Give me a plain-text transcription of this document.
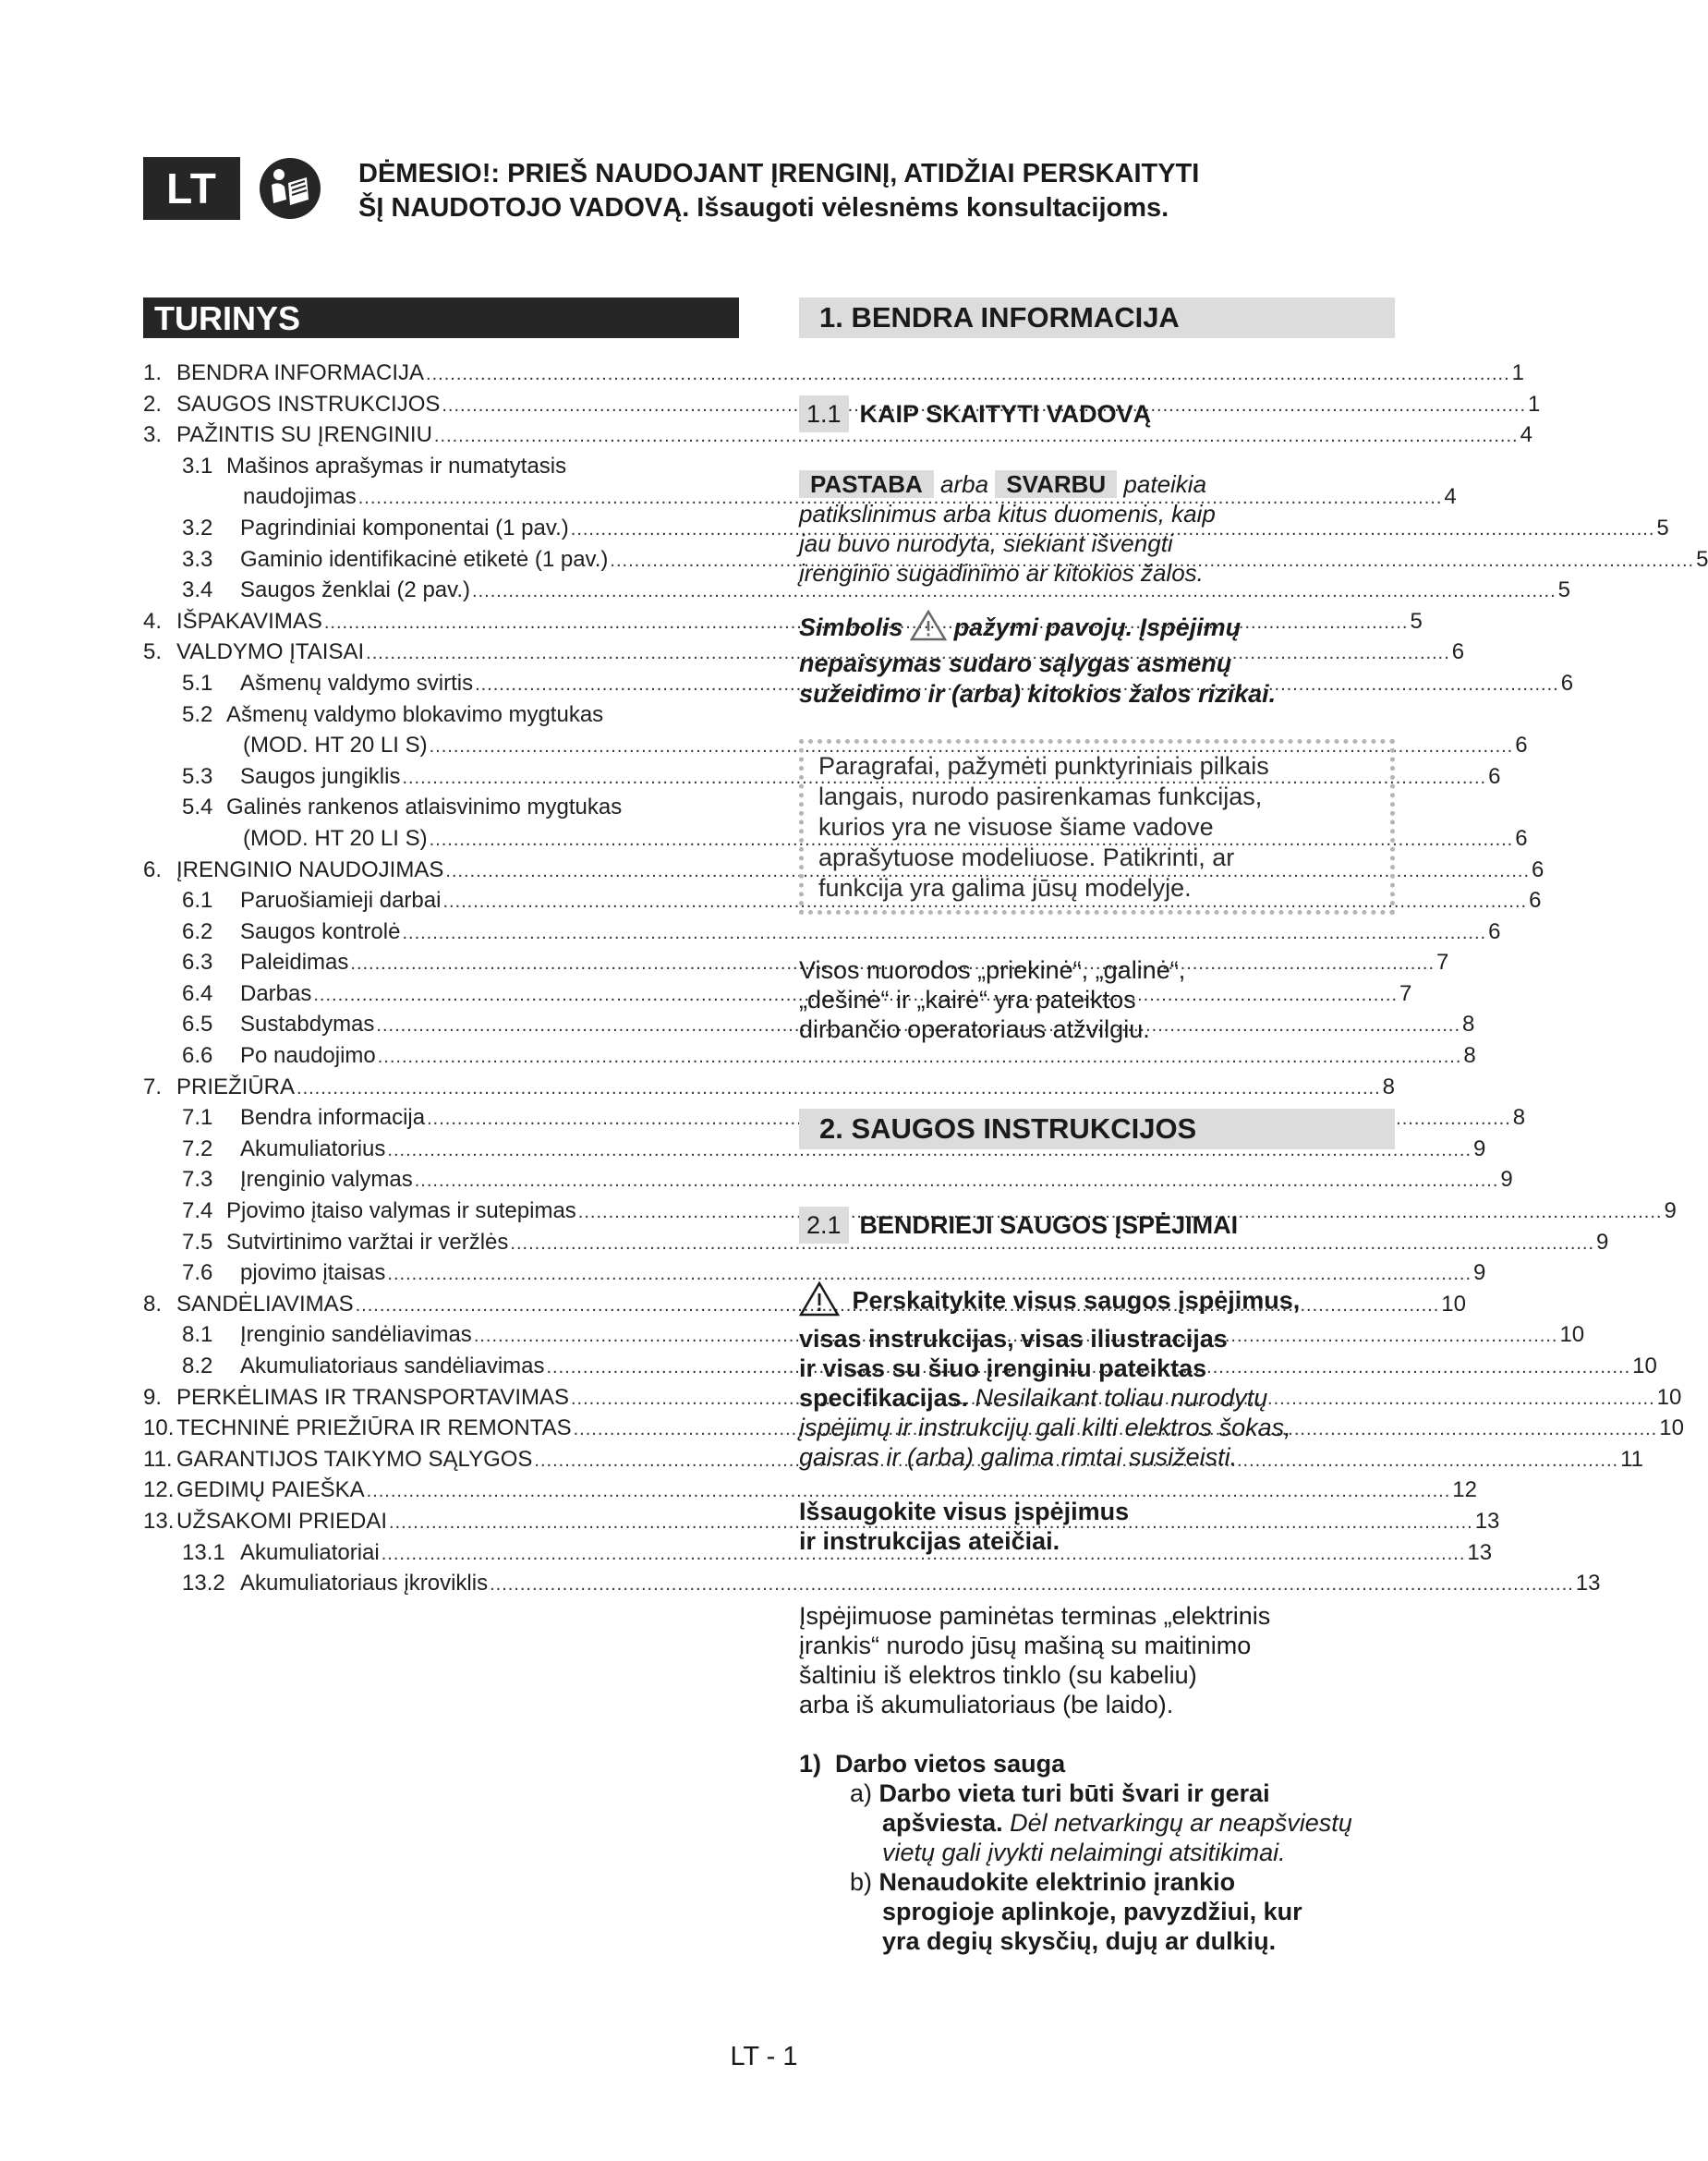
LT	DĖMESIO!: PRIEŠ NAUDOJANT ĮRENGINĮ, ATIDŽIAI PERSKAITYTI
ŠĮ NAUDOTOJO VADOVĄ. Išsaugoti vėlesnėms konsultacijoms.
TURINYS
1. BENDRA INFORMACIJA .....	1
2. SAUGOS INSTRUKCIJOS .....	1
3. PAŽINTIS SU ĮRENGINIU .....	4
3.1 Mašinos aprašymas ir numatytasis
naudojimas .....	4
3.2	Pagrindiniai komponentai (1 pav.) .....	5
3.3	Gaminio identifikacinė etiketė (1 pav.) .....	5
3.4	Saugos ženklai (2 pav.) .....	5
4. IŠPAKAVIMAS .....	5
5. VALDYMO ĮTAISAI .....	6
5.1	Ašmenų valdymo svirtis .....	6
5.2 Ašmenų valdymo blokavimo mygtukas
(MOD. HT 20 LI S) .....	6
5.3	Saugos jungiklis .....	6
5.4 Galinės rankenos atlaisvinimo mygtukas
(MOD. HT 20 LI S) .....	6
6. ĮRENGINIO NAUDOJIMAS .....	6
6.1	Paruošiamieji darbai .....	6
6.2	Saugos kontrolė .....	6
6.3	Paleidimas .....	7
6.4	Darbas .....	7
6.5	Sustabdymas .....	8
6.6	Po naudojimo .....	8
7. PRIEŽIŪRA .....	8
7.1	Bendra informacija .....	8
7.2	Akumuliatorius .....	9
7.3	Įrenginio valymas .....	9
7.4 Pjovimo įtaiso valymas ir sutepimas .....	9
7.5 Sutvirtinimo varžtai ir veržlės .....	9
7.6	pjovimo įtaisas .....	9
8. SANDĖLIAVIMAS .....	10
8.1	Įrenginio sandėliavimas .....	10
8.2	Akumuliatoriaus sandėliavimas .....	10
9. PERKĖLIMAS IR TRANSPORTAVIMAS .....	10
10. TECHNINĖ PRIEŽIŪRA IR REMONTAS .....	10
11. GARANTIJOS TAIKYMO SĄLYGOS .....	11
12. GEDIMŲ PAIEŠKA .....	12
13. UŽSAKOMI PRIEDAI .....	13
13.1 Akumuliatoriai .....	13
13.2 Akumuliatoriaus įkroviklis .....	13
1. BENDRA INFORMACIJA
1.1 KAIP SKAITYTI VADOVĄ
PASTABA arba SVARBU pateikia
patikslinimus arba kitus duomenis, kaip
jau buvo nurodyta, siekiant išvengti
įrenginio sugadinimo ar kitokios žalos.
Simbolis pažymi pavojų. Įspėjimų
nepaisymas sudaro sąlygas asmenų
sužeidimo ir (arba) kitokios žalos rizikai.
Paragrafai, pažymėti punktyriniais pilkais
langais, nurodo pasirenkamas funkcijas,
kurios yra ne visuose šiame vadove
aprašytuose modeliuose. Patikrinti, ar
funkcija yra galima jūsų modelyje.
Visos nuorodos „priekinė“, „galinė“,
„dešinė“ ir „kairė“ yra pateiktos
dirbančio operatoriaus atžvilgiu.
2. SAUGOS INSTRUKCIJOS
2.1 BENDRIEJI SAUGOS ĮSPĖJIMAI
Perskaitykite visus saugos įspėjimus,
visas instrukcijas, visas iliustracijas
ir visas su šiuo įrenginiu pateiktas
specifikacijas. Nesilaikant toliau nurodytų
įspėjimų ir instrukcijų gali kilti elektros šokas,
gaisras ir (arba) galima rimtai susižeisti.
Išsaugokite visus įspėjimus
ir instrukcijas ateičiai.
Įspėjimuose paminėtas terminas „elektrinis
įrankis“ nurodo jūsų mašiną su maitinimo
šaltiniu iš elektros tinklo (su kabeliu)
arba iš akumuliatoriaus (be laido).
1)  Darbo vietos sauga
a) Darbo vieta turi būti švari ir gerai
apšviesta. Dėl netvarkingų ar neapšviestų
vietų gali įvykti nelaimingi atsitikimai.
b) Nenaudokite elektrinio įrankio
sprogioje aplinkoje, pavyzdžiui, kur
yra degių skysčių, dujų ar dulkių.
LT - 1
